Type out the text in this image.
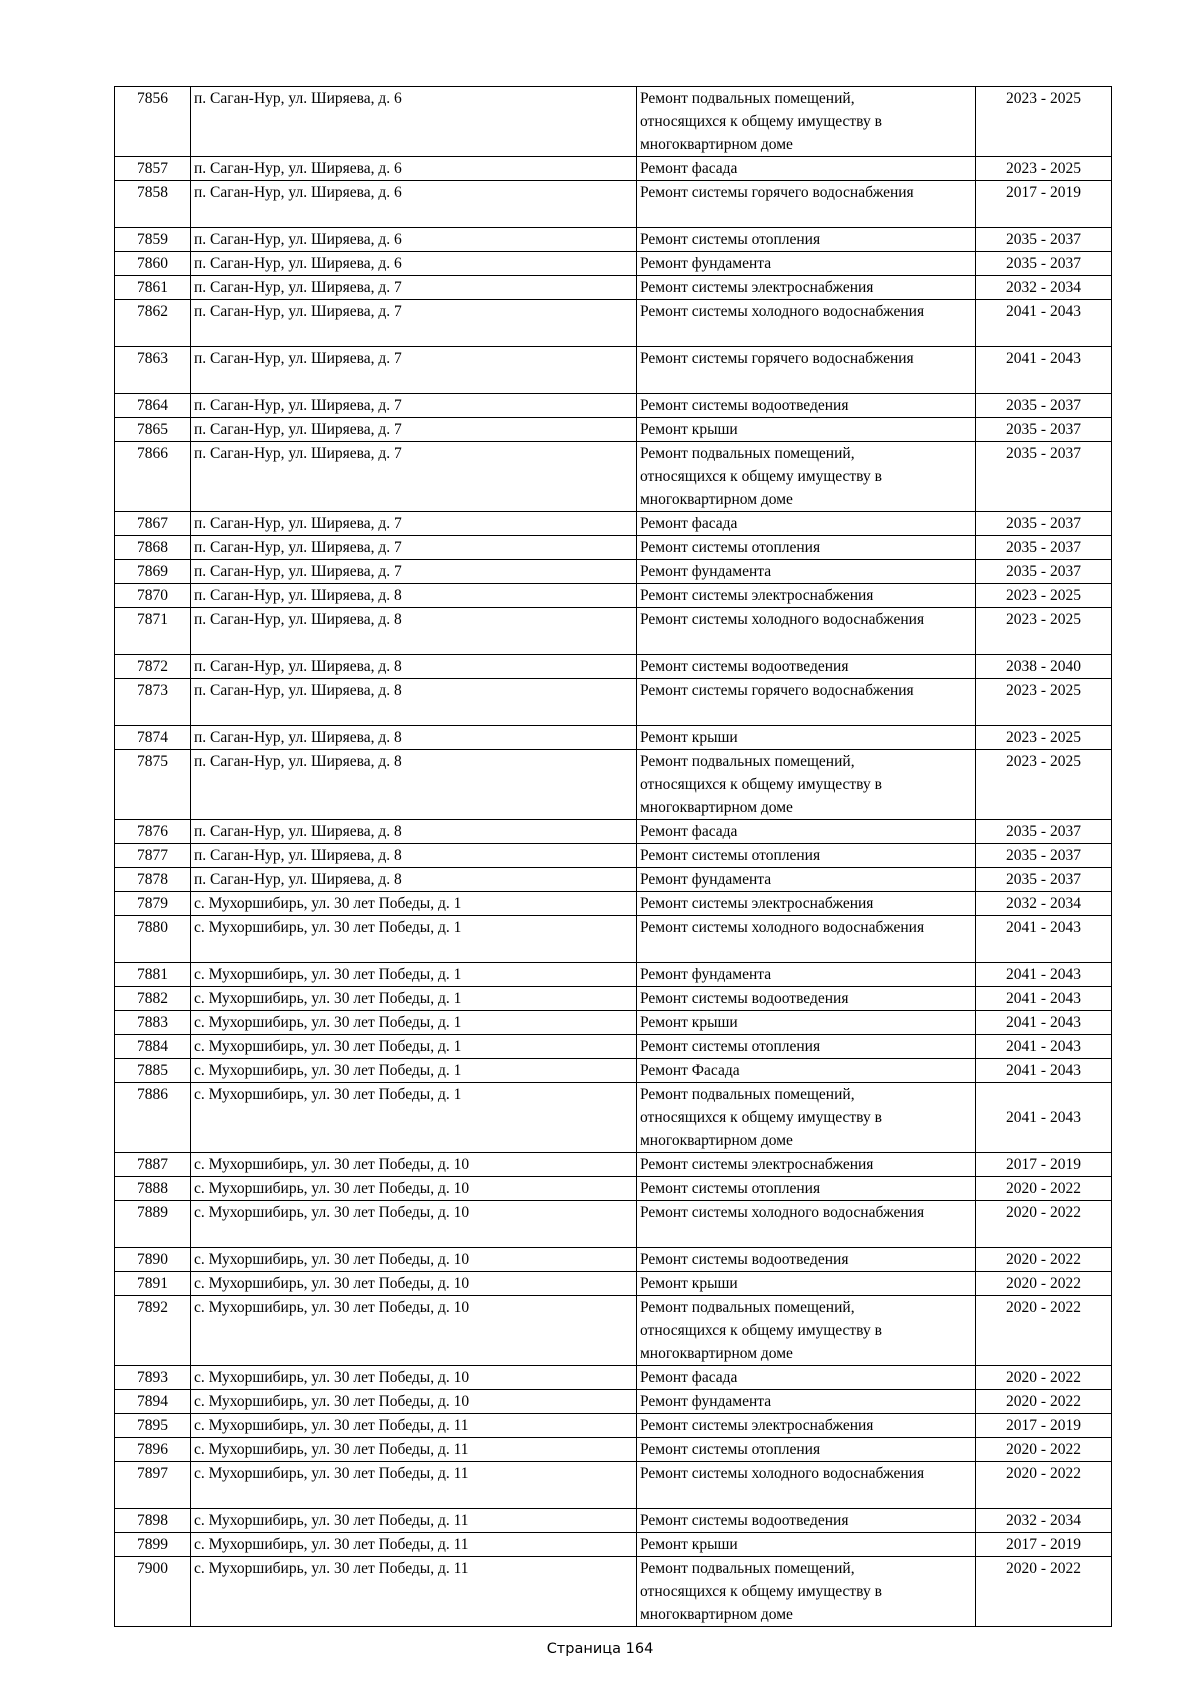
7856	п. Саган-Нур, ул. Ширяева, д. 6	Ремонт подвальных помещений,
относящихся к общему имуществу в
многоквартирном доме	2023 - 2025
7857	п. Саган-Нур, ул. Ширяева, д. 6	Ремонт фасада	2023 - 2025
7858	п. Саган-Нур, ул. Ширяева, д. 6	Ремонт системы горячего водоснабжения	2017 - 2019
7859	п. Саган-Нур, ул. Ширяева, д. 6	Ремонт системы отопления	2035 - 2037
7860	п. Саган-Нур, ул. Ширяева, д. 6	Ремонт фундамента	2035 - 2037
7861	п. Саган-Нур, ул. Ширяева, д. 7	Ремонт системы электроснабжения	2032 - 2034
7862	п. Саган-Нур, ул. Ширяева, д. 7	Ремонт системы холодного водоснабжения	2041 - 2043
7863	п. Саган-Нур, ул. Ширяева, д. 7	Ремонт системы горячего водоснабжения	2041 - 2043
7864	п. Саган-Нур, ул. Ширяева, д. 7	Ремонт системы водоотведения	2035 - 2037
7865	п. Саган-Нур, ул. Ширяева, д. 7	Ремонт крыши	2035 - 2037
7866	п. Саган-Нур, ул. Ширяева, д. 7	Ремонт подвальных помещений,
относящихся к общему имуществу в
многоквартирном доме	2035 - 2037
7867	п. Саган-Нур, ул. Ширяева, д. 7	Ремонт фасада	2035 - 2037
7868	п. Саган-Нур, ул. Ширяева, д. 7	Ремонт системы отопления	2035 - 2037
7869	п. Саган-Нур, ул. Ширяева, д. 7	Ремонт фундамента	2035 - 2037
7870	п. Саган-Нур, ул. Ширяева, д. 8	Ремонт системы электроснабжения	2023 - 2025
7871	п. Саган-Нур, ул. Ширяева, д. 8	Ремонт системы холодного водоснабжения	2023 - 2025
7872	п. Саган-Нур, ул. Ширяева, д. 8	Ремонт системы водоотведения	2038 - 2040
7873	п. Саган-Нур, ул. Ширяева, д. 8	Ремонт системы горячего водоснабжения	2023 - 2025
7874	п. Саган-Нур, ул. Ширяева, д. 8	Ремонт крыши	2023 - 2025
7875	п. Саган-Нур, ул. Ширяева, д. 8	Ремонт подвальных помещений,
относящихся к общему имуществу в
многоквартирном доме	2023 - 2025
7876	п. Саган-Нур, ул. Ширяева, д. 8	Ремонт фасада	2035 - 2037
7877	п. Саган-Нур, ул. Ширяева, д. 8	Ремонт системы отопления	2035 - 2037
7878	п. Саган-Нур, ул. Ширяева, д. 8	Ремонт фундамента	2035 - 2037
7879	с. Мухоршибирь, ул. 30 лет Победы, д. 1	Ремонт системы электроснабжения	2032 - 2034
7880	с. Мухоршибирь, ул. 30 лет Победы, д. 1	Ремонт системы холодного водоснабжения	2041 - 2043
7881	с. Мухоршибирь, ул. 30 лет Победы, д. 1	Ремонт фундамента	2041 - 2043
7882	с. Мухоршибирь, ул. 30 лет Победы, д. 1	Ремонт системы водоотведения	2041 - 2043
7883	с. Мухоршибирь, ул. 30 лет Победы, д. 1	Ремонт крыши	2041 - 2043
7884	с. Мухоршибирь, ул. 30 лет Победы, д. 1	Ремонт системы отопления	2041 - 2043
7885	с. Мухоршибирь, ул. 30 лет Победы, д. 1	Ремонт Фасада	2041 - 2043
7886	с. Мухоршибирь, ул. 30 лет Победы, д. 1	Ремонт подвальных помещений,
относящихся к общему имуществу в
многоквартирном доме	2041 - 2043
7887	с. Мухоршибирь, ул. 30 лет Победы, д. 10	Ремонт системы электроснабжения	2017 - 2019
7888	с. Мухоршибирь, ул. 30 лет Победы, д. 10	Ремонт системы отопления	2020 - 2022
7889	с. Мухоршибирь, ул. 30 лет Победы, д. 10	Ремонт системы холодного водоснабжения	2020 - 2022
7890	с. Мухоршибирь, ул. 30 лет Победы, д. 10	Ремонт системы водоотведения	2020 - 2022
7891	с. Мухоршибирь, ул. 30 лет Победы, д. 10	Ремонт крыши	2020 - 2022
7892	с. Мухоршибирь, ул. 30 лет Победы, д. 10	Ремонт подвальных помещений,
относящихся к общему имуществу в
многоквартирном доме	2020 - 2022
7893	с. Мухоршибирь, ул. 30 лет Победы, д. 10	Ремонт фасада	2020 - 2022
7894	с. Мухоршибирь, ул. 30 лет Победы, д. 10	Ремонт фундамента	2020 - 2022
7895	с. Мухоршибирь, ул. 30 лет Победы, д. 11	Ремонт системы электроснабжения	2017 - 2019
7896	с. Мухоршибирь, ул. 30 лет Победы, д. 11	Ремонт системы отопления	2020 - 2022
7897	с. Мухоршибирь, ул. 30 лет Победы, д. 11	Ремонт системы холодного водоснабжения	2020 - 2022
7898	с. Мухоршибирь, ул. 30 лет Победы, д. 11	Ремонт системы водоотведения	2032 - 2034
7899	с. Мухоршибирь, ул. 30 лет Победы, д. 11	Ремонт крыши	2017 - 2019
7900	с. Мухоршибирь, ул. 30 лет Победы, д. 11	Ремонт подвальных помещений,
относящихся к общему имуществу в
многоквартирном доме	2020 - 2022
Страница 164
